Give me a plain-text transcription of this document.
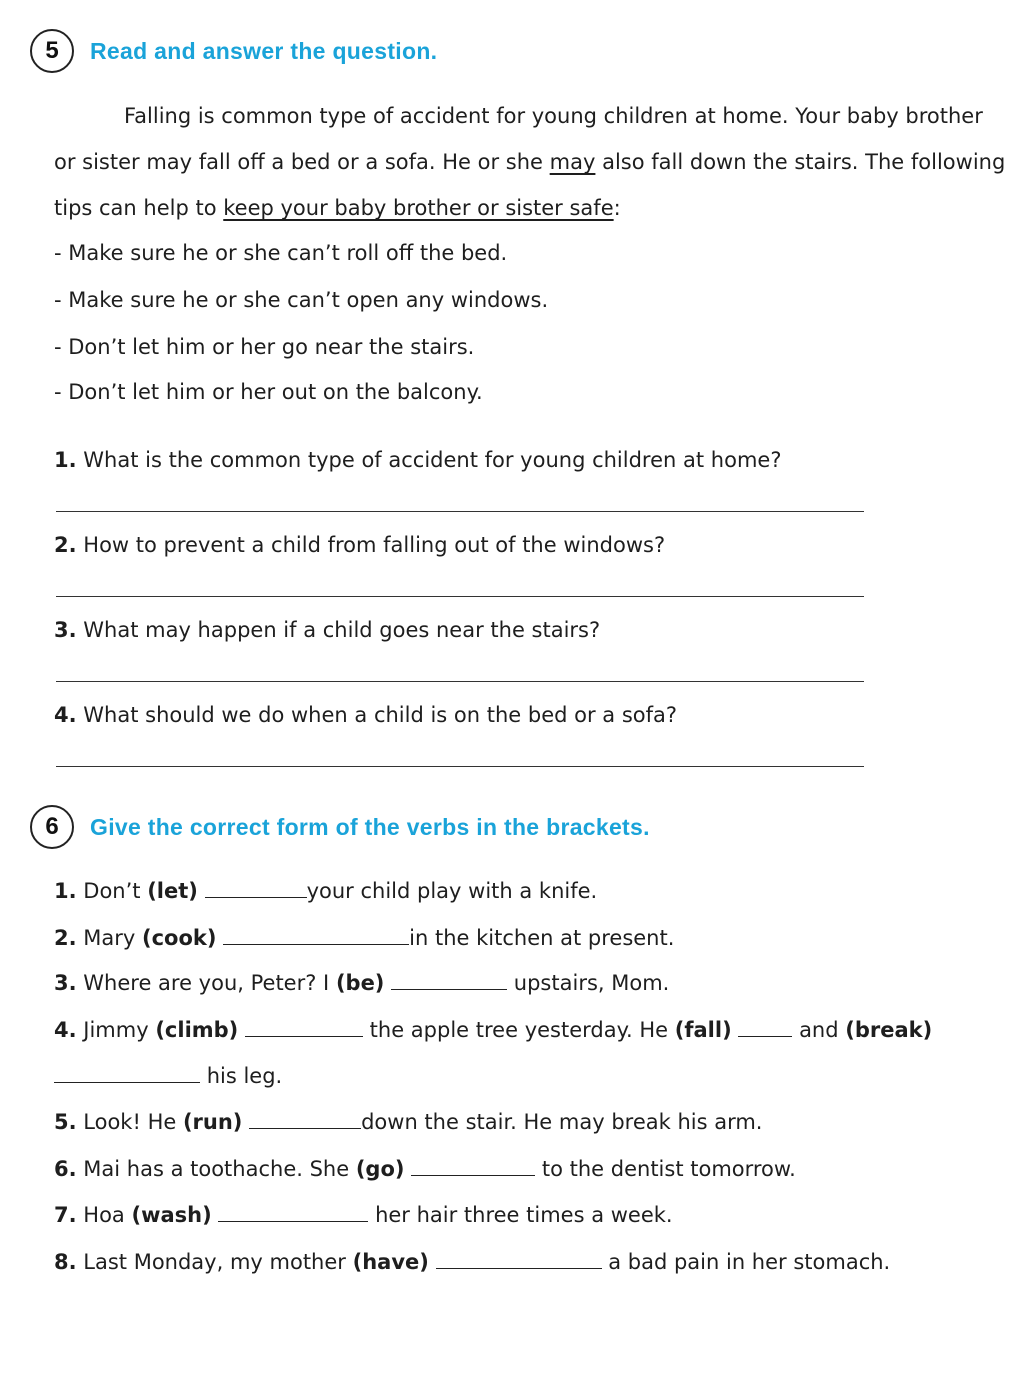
5	Read and answer the question.
Falling is common type of accident for young children at home. Your baby brother
or sister may fall off a bed or a sofa. He or she may also fall down the stairs. The following
tips can help to keep your baby brother or sister safe:
- Make sure he or she can’t roll off the bed.
- Make sure he or she can’t open any windows.
- Don’t let him or her go near the stairs.
- Don’t let him or her out on the balcony.
1. What is the common type of accident for young children at home?
2. How to prevent a child from falling out of the windows?
3. What may happen if a child goes near the stairs?
4. What should we do when a child is on the bed or a sofa?
6	Give the correct form of the verbs in the brackets.
1. Don’t (let)	your child play with a knife.
2. Mary (cook)	in the kitchen at present.
3. Where are you, Peter? I (be)	upstairs, Mom.
4. Jimmy (climb)	the apple tree yesterday. He (fall)	and (break)
his leg.
5. Look! He (run)	down the stair. He may break his arm.
6. Mai has a toothache. She (go)	to the dentist tomorrow.
7. Hoa (wash)	her hair three times a week.
8. Last Monday, my mother (have)	a bad pain in her stomach.
